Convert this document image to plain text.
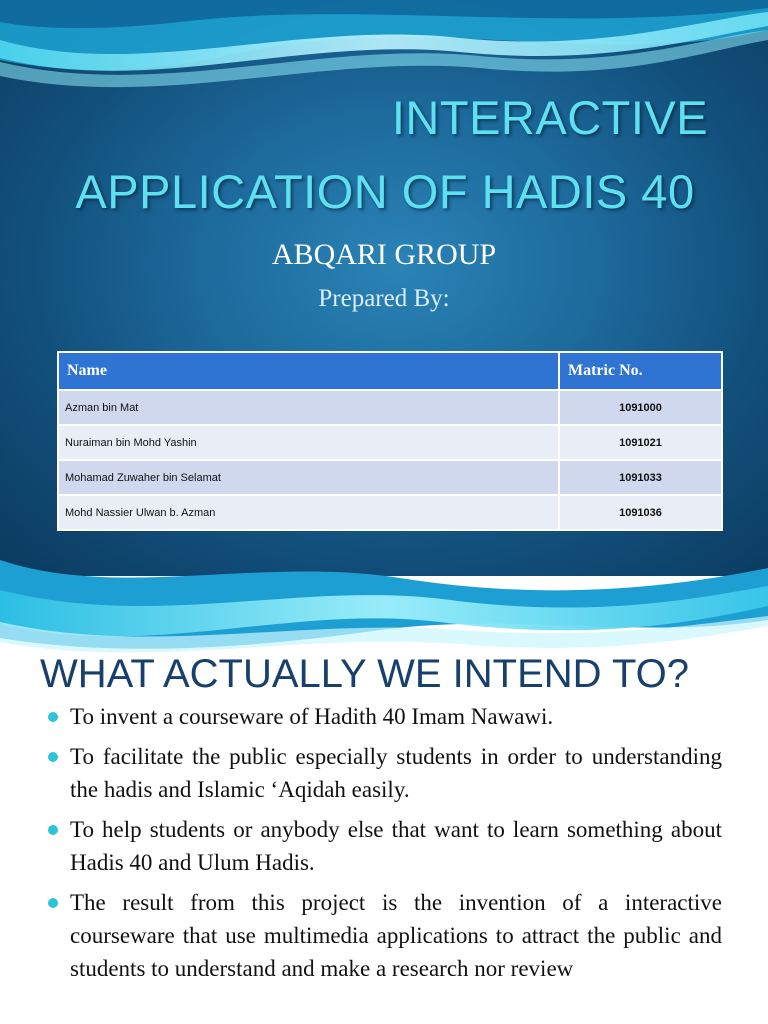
INTERACTIVE
APPLICATION OF HADIS 40
ABQARI GROUP
Prepared By:
Name	Matric No.
Azman bin Mat	1091000
Nuraiman bin Mohd Yashin	1091021
Mohamad Zuwaher bin Selamat	1091033
Mohd Nassier Ulwan b. Azman	1091036
WHAT ACTUALLY WE INTEND TO?
To invent a courseware of Hadith 40 Imam Nawawi.
To facilitate the public especially students in order to understanding the hadis and Islamic ‘Aqidah easily.
To help students or anybody else that want to learn something about Hadis 40 and Ulum Hadis.
The result from this project is the invention of a interactive courseware that use multimedia applications to attract the public and students to understand and make a research nor review
